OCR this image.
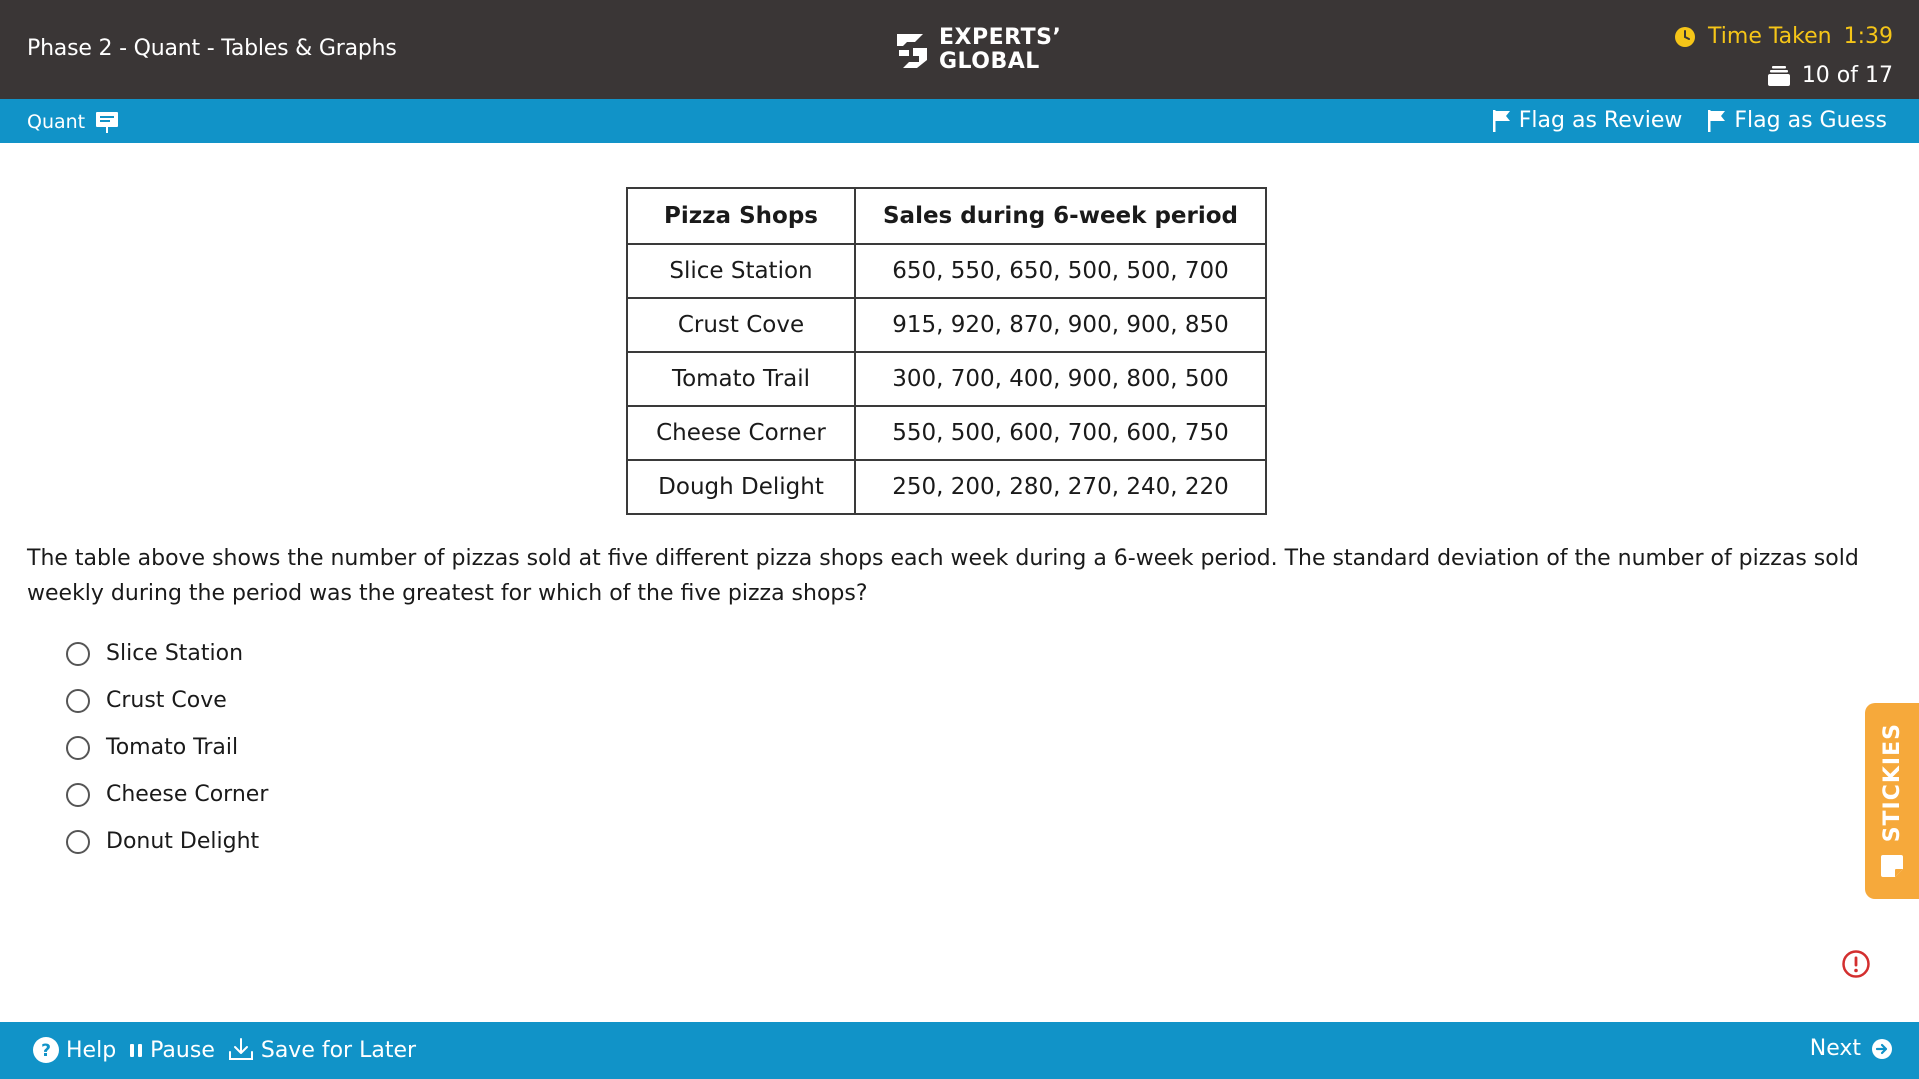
Phase 2 - Quant - Tables & Graphs	EXPERTS’
GLOBAL
Time Taken 1:39
10 of 17
Quant	Flag as Review Flag as Guess
Pizza Shops	Sales during 6-week period
Slice Station	650, 550, 650, 500, 500, 700
Crust Cove	915, 920, 870, 900, 900, 850
Tomato Trail	300, 700, 400, 900, 800, 500
Cheese Corner	550, 500, 600, 700, 600, 750
Dough Delight	250, 200, 280, 270, 240, 220
The table above shows the number of pizzas sold at five different pizza shops each week during a 6-week period. The standard deviation of the number of pizzas sold weekly during the period was the greatest for which of the five pizza shops?
Slice Station
Crust Cove
Tomato Trail
Cheese Corner
Donut Delight	STICKIES
? Help Pause Save for Later	Next
